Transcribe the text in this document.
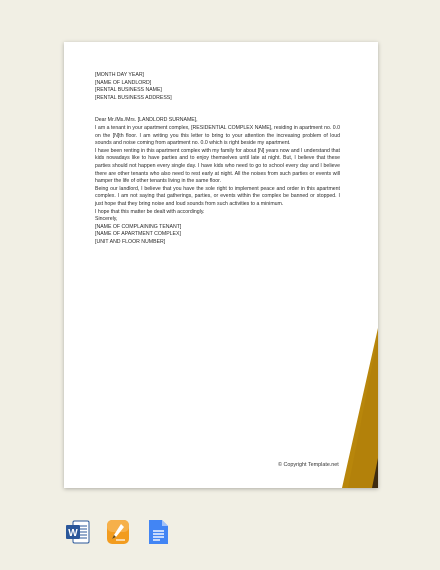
[MONTH DAY YEAR]

[NAME OF LANDLORD]

[RENTAL BUSINESS NAME]

[RENTAL BUSINESS ADDRESS]

Dear Mr./Ms./Mrs. [LANDLORD SURNAME],

I am a tenant in your apartment complex, [RESIDENTIAL COMPLEX NAME], residing in apartment no. 0.0 on the [N]th floor. I am writing you this letter to bring to your attention the increasing problem of loud sounds and noise coming from apartment no. 0.0 which is right beside my apartment.

I have been renting in this apartment complex with my family for about [N] years now and I understand that kids nowadays like to have parties and to enjoy themselves until late at night. But, I believe that these parties should not happen every single day. I have kids who need to go to school every day and I believe there are other tenants who also need to rest early at night. All the noises from such parties or events will hamper the life of other tenants living in the same floor.

Being our landlord, I believe that you have the sole right to implement peace and order in this apartment complex. I am not saying that gatherings, parties, or events within the complex be banned or stopped. I just hope that they bring noise and loud sounds from such activities to a minimum.

I hope that this matter be dealt with accordingly.

Sincerely,

[NAME OF COMPLAINING TENANT]

[NAME OF APARTMENT COMPLEX]

[UNIT AND FLOOR NUMBER]

© Copyright Template.net
W
